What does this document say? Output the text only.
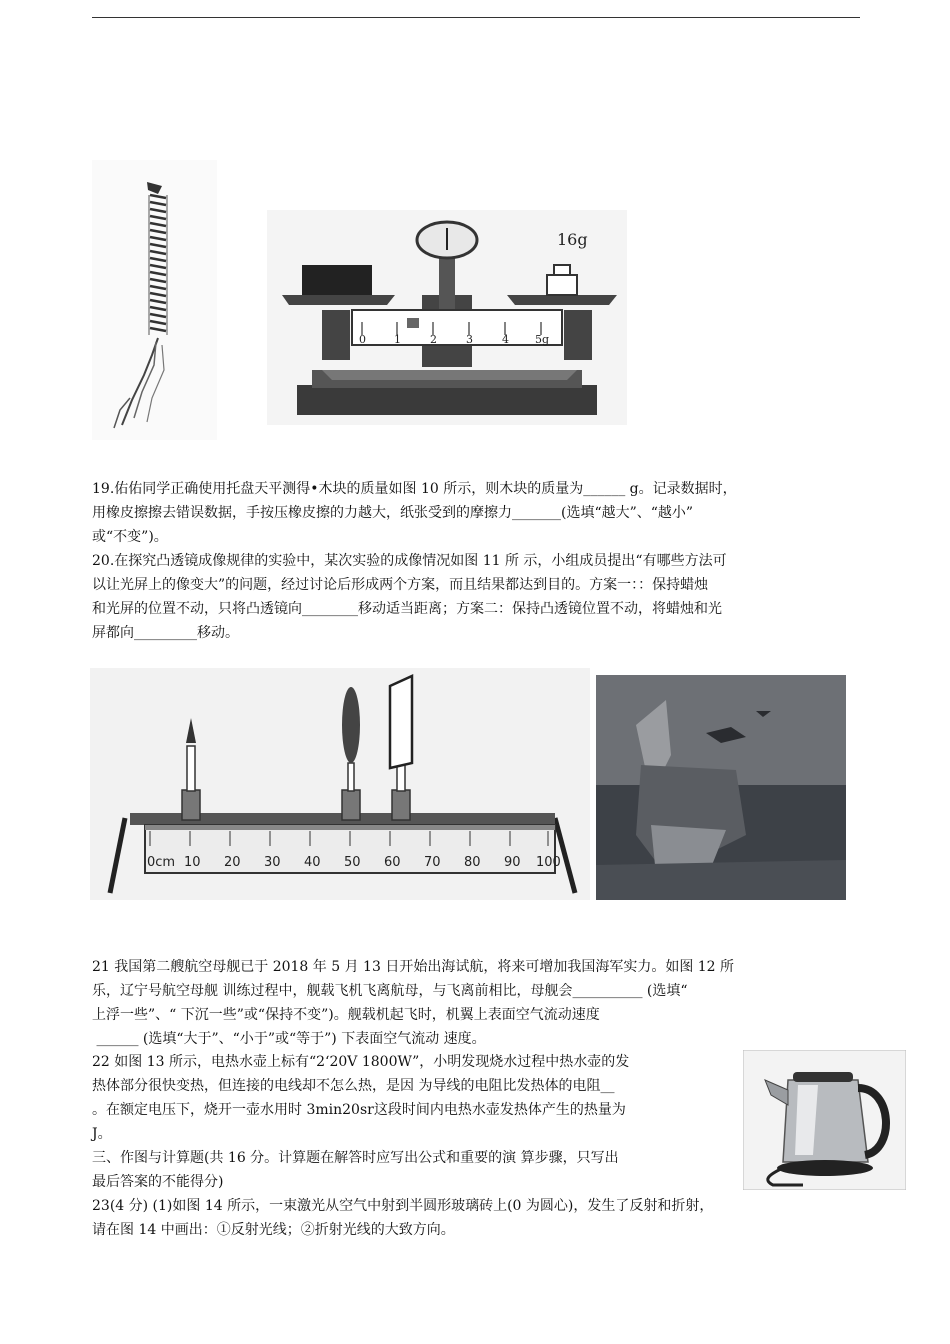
16g
0	1	2	3	4 5g

19.佑佑同学正确使用托盘天平测得•木块的质量如图 10 所示，则木块的质量为______ g。记录数据时，
用橡皮擦擦去错误数据，手按压橡皮擦的力越大，纸张受到的摩擦力_______(选填“越大”、“越小”
或“不变”)。
20.在探究凸透镜成像规律的实验中，某次实验的成像情况如图 11 所 示，小组成员提出“有哪些方法可
以让光屏上的像变大”的问题，经过讨论后形成两个方案，而且结果都达到目的。方案一：：保持蜡烛
和光屏的位置不动，只将凸透镜向________移动适当距离；方案二：保持凸透镜位置不动，将蜡烛和光
屏都向_________移动。

0cm 10 20 30 40 50 60 70 80 90 100

21 我国第二艘航空母舰已于 2018 年 5 月 13 日开始出海试航，将来可增加我国海军实力。如图 12 所
乐，辽宁号航空母舰 训练过程中，舰载飞机飞离航母，与飞离前相比，母舰会__________ (选填“
上浮一些”、“ 下沉一些”或“保持不变”)。舰载机起飞时，机翼上表面空气流动速度
______ (选填“大于”、“小于”或“等于”) 下表面空气流动 速度。

22 如图 13 所示，电热水壶上标有“2‘20V 1800W”，小明发现烧水过程中热水壶的发
热体部分很快变热，但连接的电线却不怎么热，是因 为导线的电阻比发热体的电阻__
。在额定电压下，烧开一壶水用时 3min20sr这段时间内电热水壶发热体产生的热量为
J。
三、作图与计算题(共 16 分。计算题在解答时应写出公式和重要的演 算步骤，只写出
最后答案的不能得分)

23(4 分) (1)如图 14 所示，一束激光从空气中射到半圆形玻璃砖上(0 为圆心)，发生了反射和折射，
请在图 14 中画出：①反射光线；②折射光线的大致方向。
